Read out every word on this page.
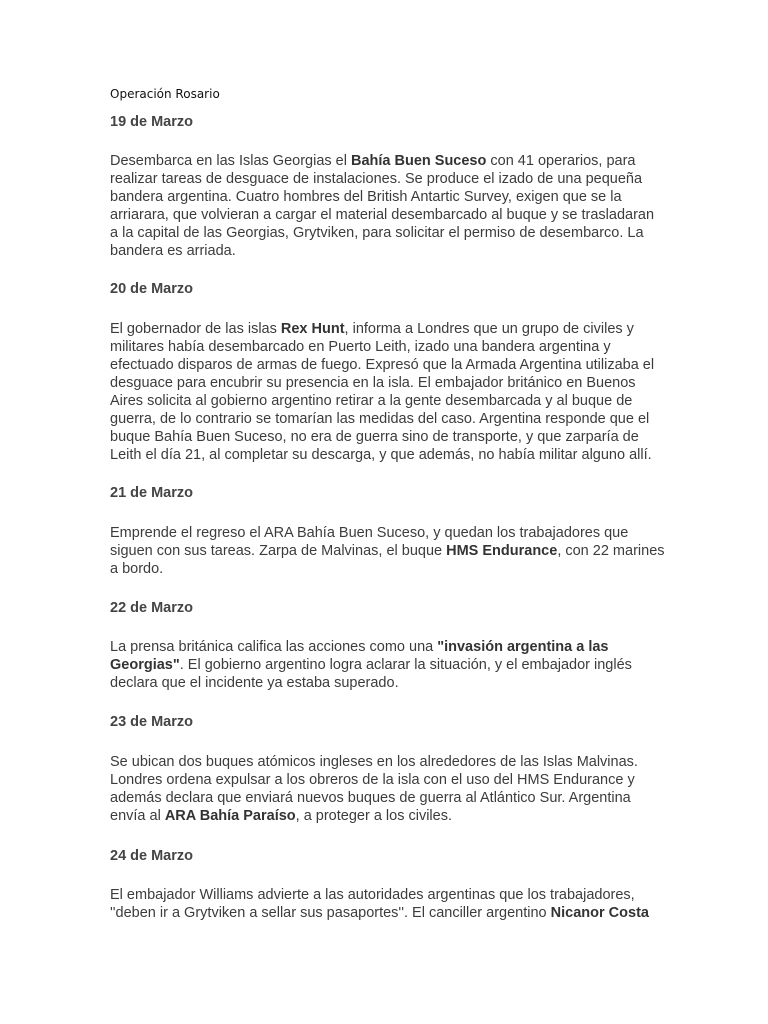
Operación Rosario
19 de Marzo
Desembarca en las Islas Georgias el Bahía Buen Suceso con 41 operarios, para
realizar tareas de desguace de instalaciones. Se produce el izado de una pequeña
bandera argentina. Cuatro hombres del British Antartic Survey, exigen que se la
arriarara, que volvieran a cargar el material desembarcado al buque y se trasladaran
a la capital de las Georgias, Grytviken, para solicitar el permiso de desembarco. La
bandera es arriada.
20 de Marzo
El gobernador de las islas Rex Hunt, informa a Londres que un grupo de civiles y
militares había desembarcado en Puerto Leith, izado una bandera argentina y
efectuado disparos de armas de fuego. Expresó que la Armada Argentina utilizaba el
desguace para encubrir su presencia en la isla. El embajador británico en Buenos
Aires solicita al gobierno argentino retirar a la gente desembarcada y al buque de
guerra, de lo contrario se tomarían las medidas del caso. Argentina responde que el
buque Bahía Buen Suceso, no era de guerra sino de transporte, y que zarparía de
Leith el día 21, al completar su descarga, y que además, no había militar alguno allí.
21 de Marzo
Emprende el regreso el ARA Bahía Buen Suceso, y quedan los trabajadores que
siguen con sus tareas. Zarpa de Malvinas, el buque HMS Endurance, con 22 marines
a bordo.
22 de Marzo
La prensa británica califica las acciones como una "invasión argentina a las
Georgias". El gobierno argentino logra aclarar la situación, y el embajador inglés
declara que el incidente ya estaba superado.
23 de Marzo
Se ubican dos buques atómicos ingleses en los alrededores de las Islas Malvinas.
Londres ordena expulsar a los obreros de la isla con el uso del HMS Endurance y
además declara que enviará nuevos buques de guerra al Atlántico Sur. Argentina
envía al ARA Bahía Paraíso, a proteger a los civiles.
24 de Marzo
El embajador Williams advierte a las autoridades argentinas que los trabajadores,
''deben ir a Grytviken a sellar sus pasaportes''. El canciller argentino Nicanor Costa
